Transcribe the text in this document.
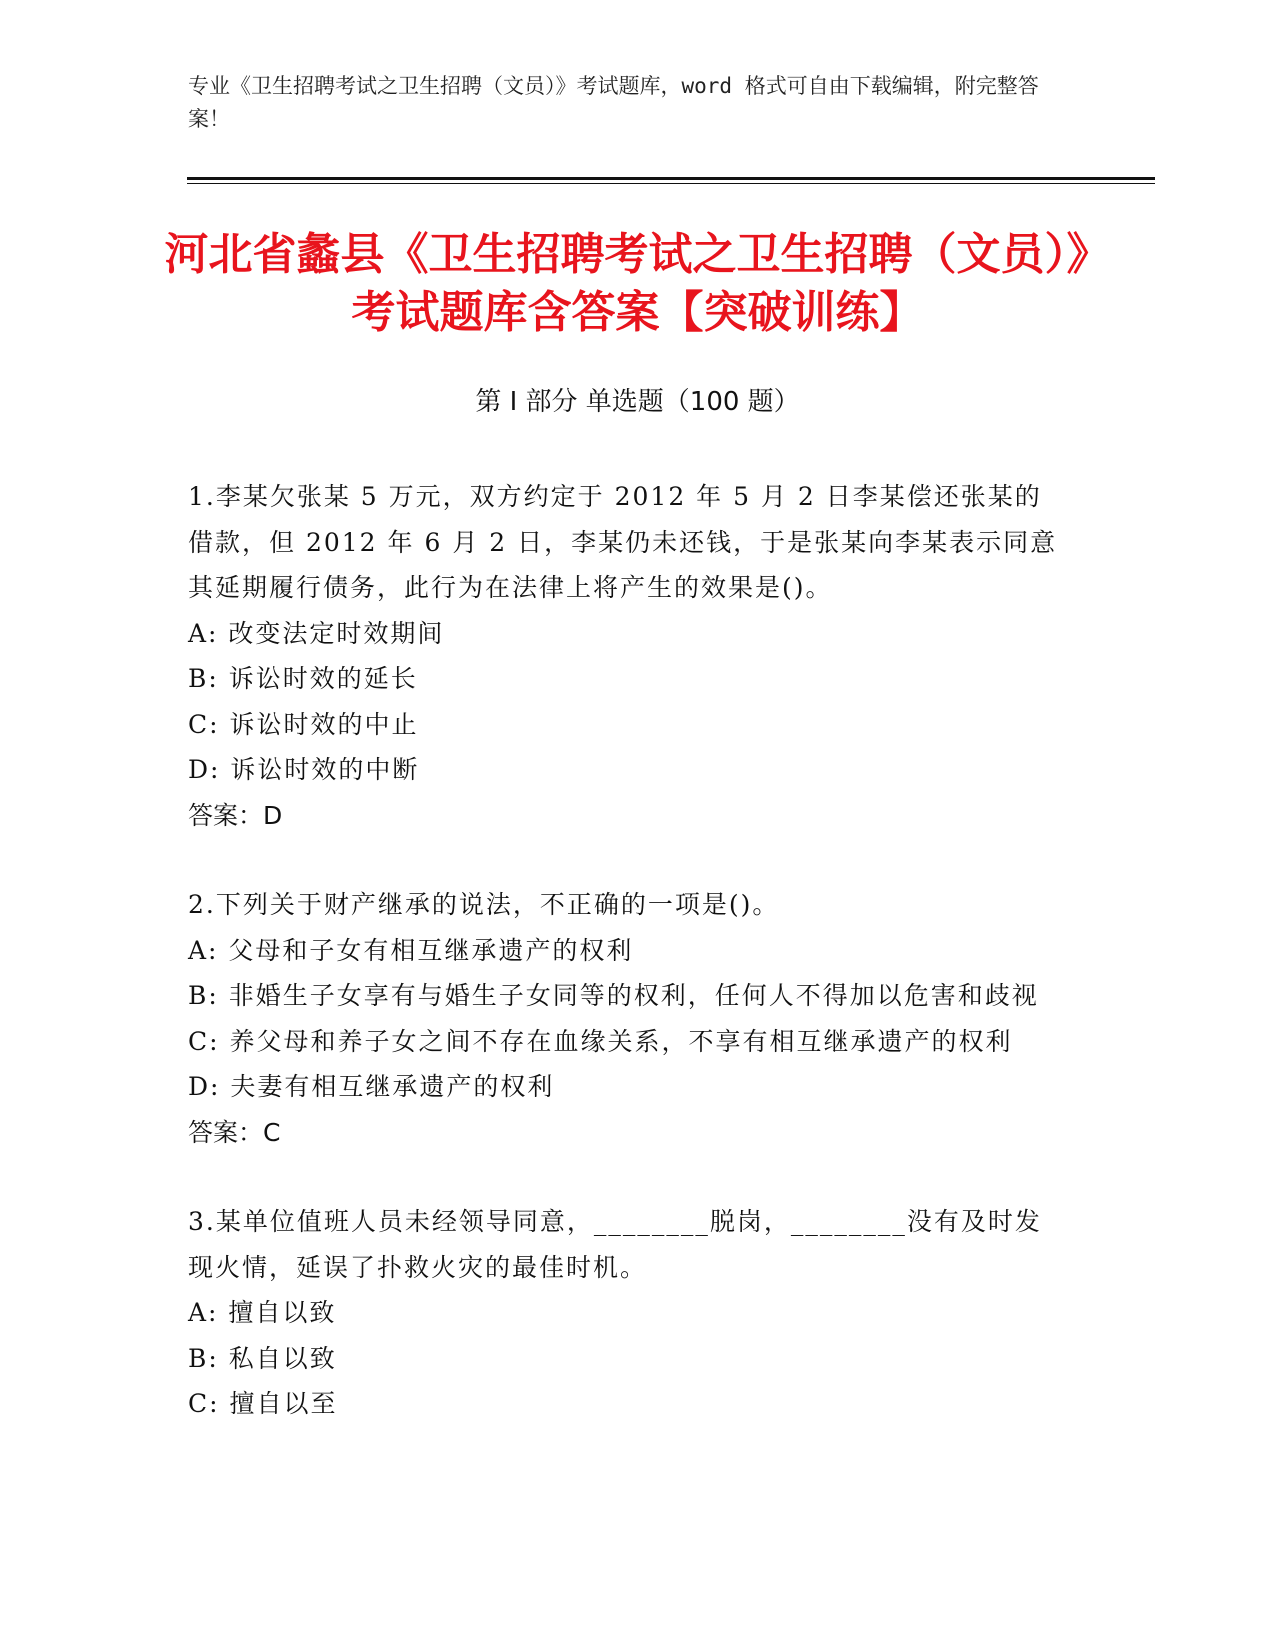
专业《卫生招聘考试之卫生招聘（文员）》考试题库，word 格式可自由下载编辑，附完整答案！
河北省蠡县《卫生招聘考试之卫生招聘（文员）》考试题库含答案【突破训练】
第 I 部分 单选题（100 题）
1.李某欠张某 5 万元，双方约定于 2012 年 5 月 2 日李某偿还张某的借款，但 2012 年 6 月 2 日，李某仍未还钱，于是张某向李某表示同意其延期履行债务，此行为在法律上将产生的效果是()。
A: 改变法定时效期间
B: 诉讼时效的延长
C: 诉讼时效的中止
D: 诉讼时效的中断
答案：D
2.下列关于财产继承的说法，不正确的一项是()。
A: 父母和子女有相互继承遗产的权利
B: 非婚生子女享有与婚生子女同等的权利，任何人不得加以危害和歧视
C: 养父母和养子女之间不存在血缘关系，不享有相互继承遗产的权利
D: 夫妻有相互继承遗产的权利
答案：C
3.某单位值班人员未经领导同意，________脱岗，________没有及时发现火情，延误了扑救火灾的最佳时机。
A: 擅自以致
B: 私自以致
C: 擅自以至
